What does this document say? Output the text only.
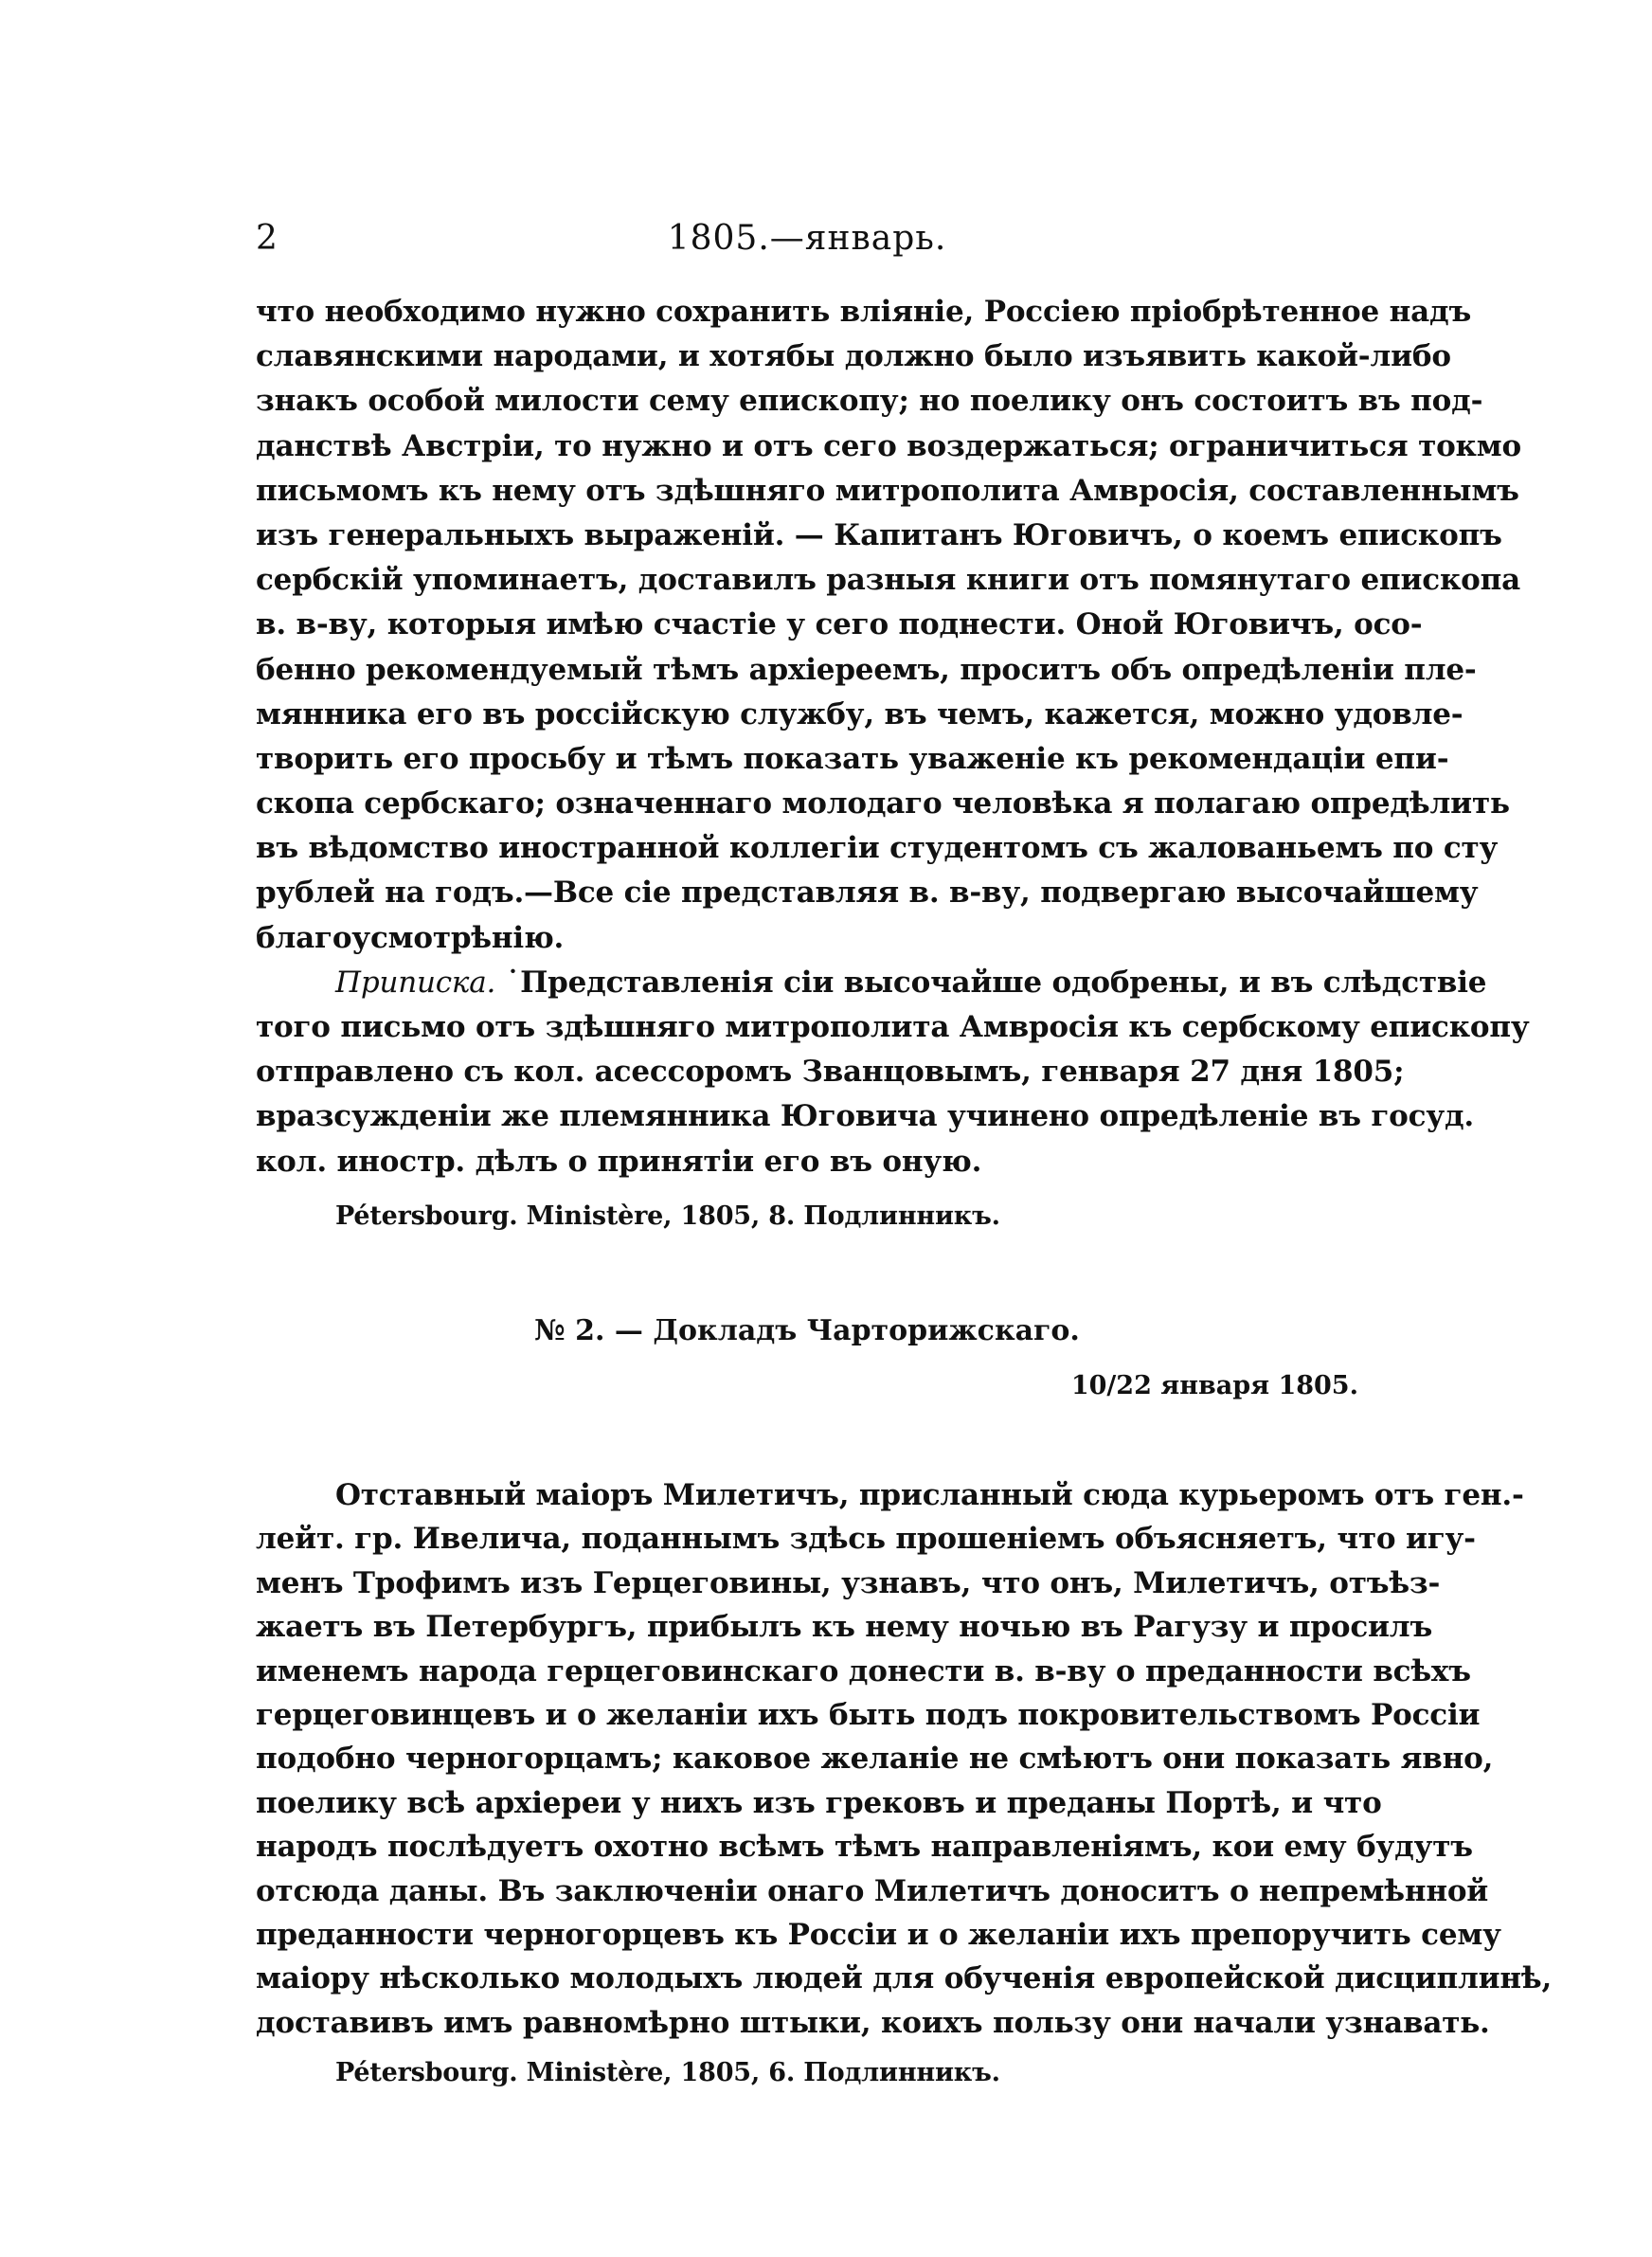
2	1805.—январь.
что необходимо нужно сохранить вліяніе, Россіею пріобрѣтенное надъ
славянскими народами, и хотябы должно было изъявить какой-либо
знакъ особой милости сему епископу; но поелику онъ состоитъ въ под-
данствѣ Австріи, то нужно и отъ сего воздержаться; ограничиться токмо
письмомъ къ нему отъ здѣшняго митрополита Амвросія, составленнымъ
изъ генеральныхъ выраженій. — Капитанъ Юговичъ, о коемъ епископъ
сербскій упоминаетъ, доставилъ разныя книги отъ помянутаго епископа
в. в-ву, которыя имѣю счастіе у сего поднести. Оной Юговичъ, осо-
бенно рекомендуемый тѣмъ архіереемъ, проситъ объ опредѣленіи пле-
мянника его въ россійскую службу, въ чемъ, кажется, можно удовле-
творить его просьбу и тѣмъ показать уваженіе къ рекомендаціи епи-
скопа сербскаго; означеннаго молодаго человѣка я полагаю опредѣлить
въ вѣдомство иностранной коллегіи студентомъ съ жалованьемъ по сту
рублей на годъ.—Все сіе представляя в. в-ву, подвергаю высочайшему
благоусмотрѣнію.
Приписка. ˙Представленія сіи высочайше одобрены, и въ слѣдствіе
того письмо отъ здѣшняго митрополита Амвросія къ сербскому епископу
отправлено съ кол. асессоромъ Званцовымъ, генваря 27 дня 1805;
вразсужденіи же племянника Юговича учинено опредѣленіе въ госуд.
кол. иностр. дѣлъ о принятіи его въ оную.
Pétersbourg. Ministère, 1805, 8. Подлинникъ.
№ 2. — Докладъ Чарторижскаго.
10/22 января 1805.
Отставный маіоръ Милетичъ, присланный сюда курьеромъ отъ ген.-
лейт. гр. Ивелича, поданнымъ здѣсь прошеніемъ объясняетъ, что игу-
менъ Трофимъ изъ Герцеговины, узнавъ, что онъ, Милетичъ, отъѣз-
жаетъ въ Петербургъ, прибылъ къ нему ночью въ Рагузу и просилъ
именемъ народа герцеговинскаго донести в. в-ву о преданности всѣхъ
герцеговинцевъ и о желаніи ихъ быть подъ покровительствомъ Россіи
подобно черногорцамъ; каковое желаніе не смѣютъ они показать явно,
поелику всѣ архіереи у нихъ изъ грековъ и преданы Портѣ, и что
народъ послѣдуетъ охотно всѣмъ тѣмъ направленіямъ, кои ему будутъ
отсюда даны. Въ заключеніи онаго Милетичъ доноситъ о непремѣнной
преданности черногорцевъ къ Россіи и о желаніи ихъ препоручить сему
маіору нѣсколько молодыхъ людей для обученія европейской дисциплинѣ,
доставивъ имъ равномѣрно штыки, коихъ пользу они начали узнавать.
Pétersbourg. Ministère, 1805, 6. Подлинникъ.
